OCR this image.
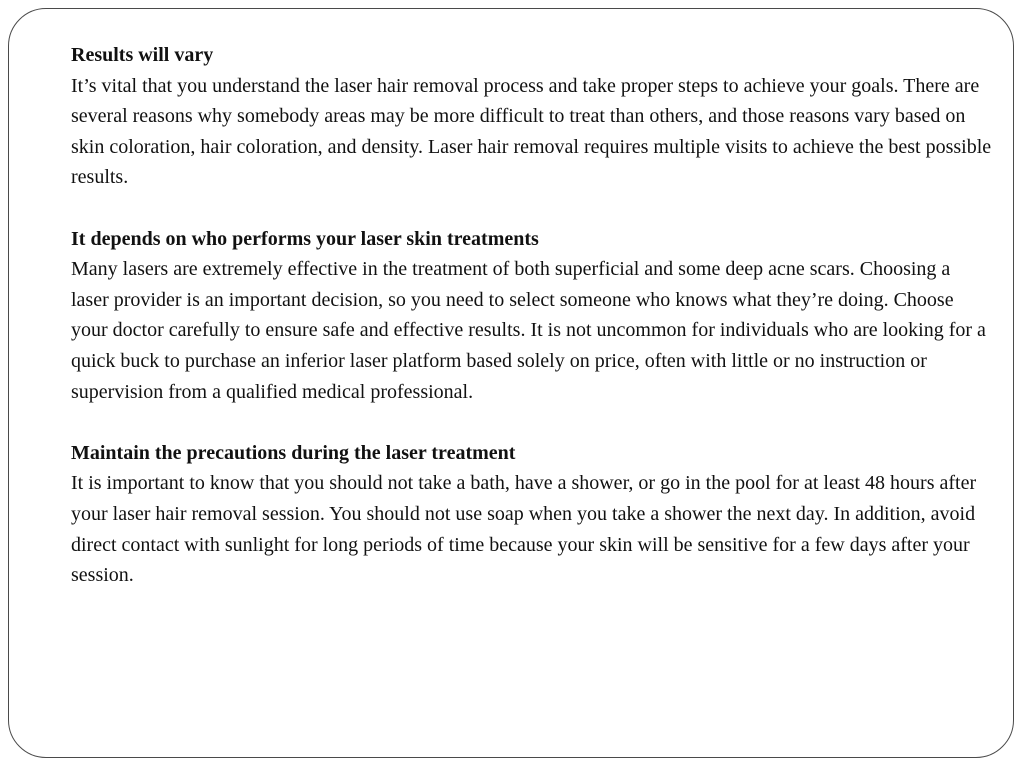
Results will vary

It’s vital that you understand the laser hair removal process and take proper steps to achieve your goals. There are several reasons why somebody areas may be more difficult to treat than others, and those reasons vary based on skin coloration, hair coloration, and density. Laser hair removal requires multiple visits to achieve the best possible results.

It depends on who performs your laser skin treatments

Many lasers are extremely effective in the treatment of both superficial and some deep acne scars. Choosing a laser provider is an important decision, so you need to select someone who knows what they’re doing. Choose your doctor carefully to ensure safe and effective results. It is not uncommon for individuals who are looking for a quick buck to purchase an inferior laser platform based solely on price, often with little or no instruction or supervision from a qualified medical professional.

Maintain the precautions during the laser treatment

It is important to know that you should not take a bath, have a shower, or go in the pool for at least 48 hours after your laser hair removal session. You should not use soap when you take a shower the next day. In addition, avoid direct contact with sunlight for long periods of time because your skin will be sensitive for a few days after your session.
